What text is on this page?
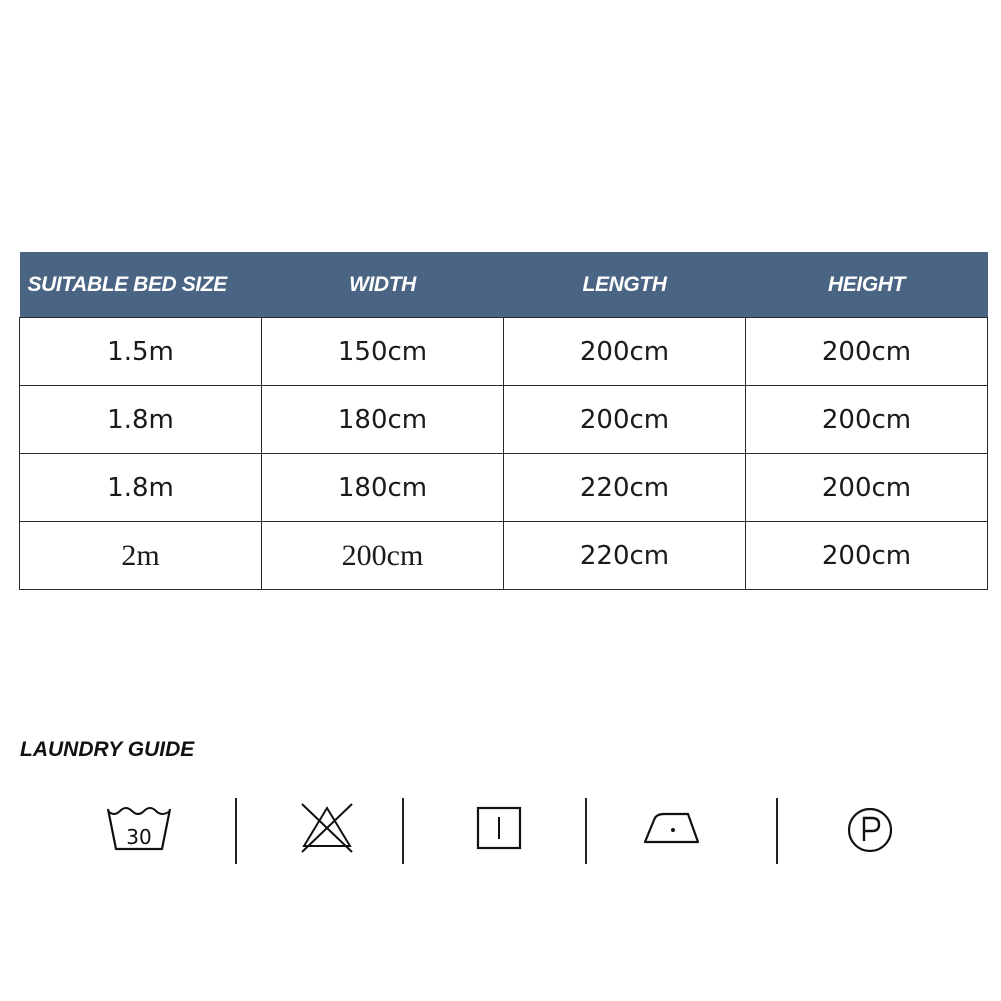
SUITABLE BED SIZE	WIDTH	LENGTH	HEIGHT
1.5m	150cm	200cm	200cm
1.8m	180cm	200cm	200cm
1.8m	180cm	220cm	200cm
2m	200cm	220cm	200cm
LAUNDRY GUIDE
30
